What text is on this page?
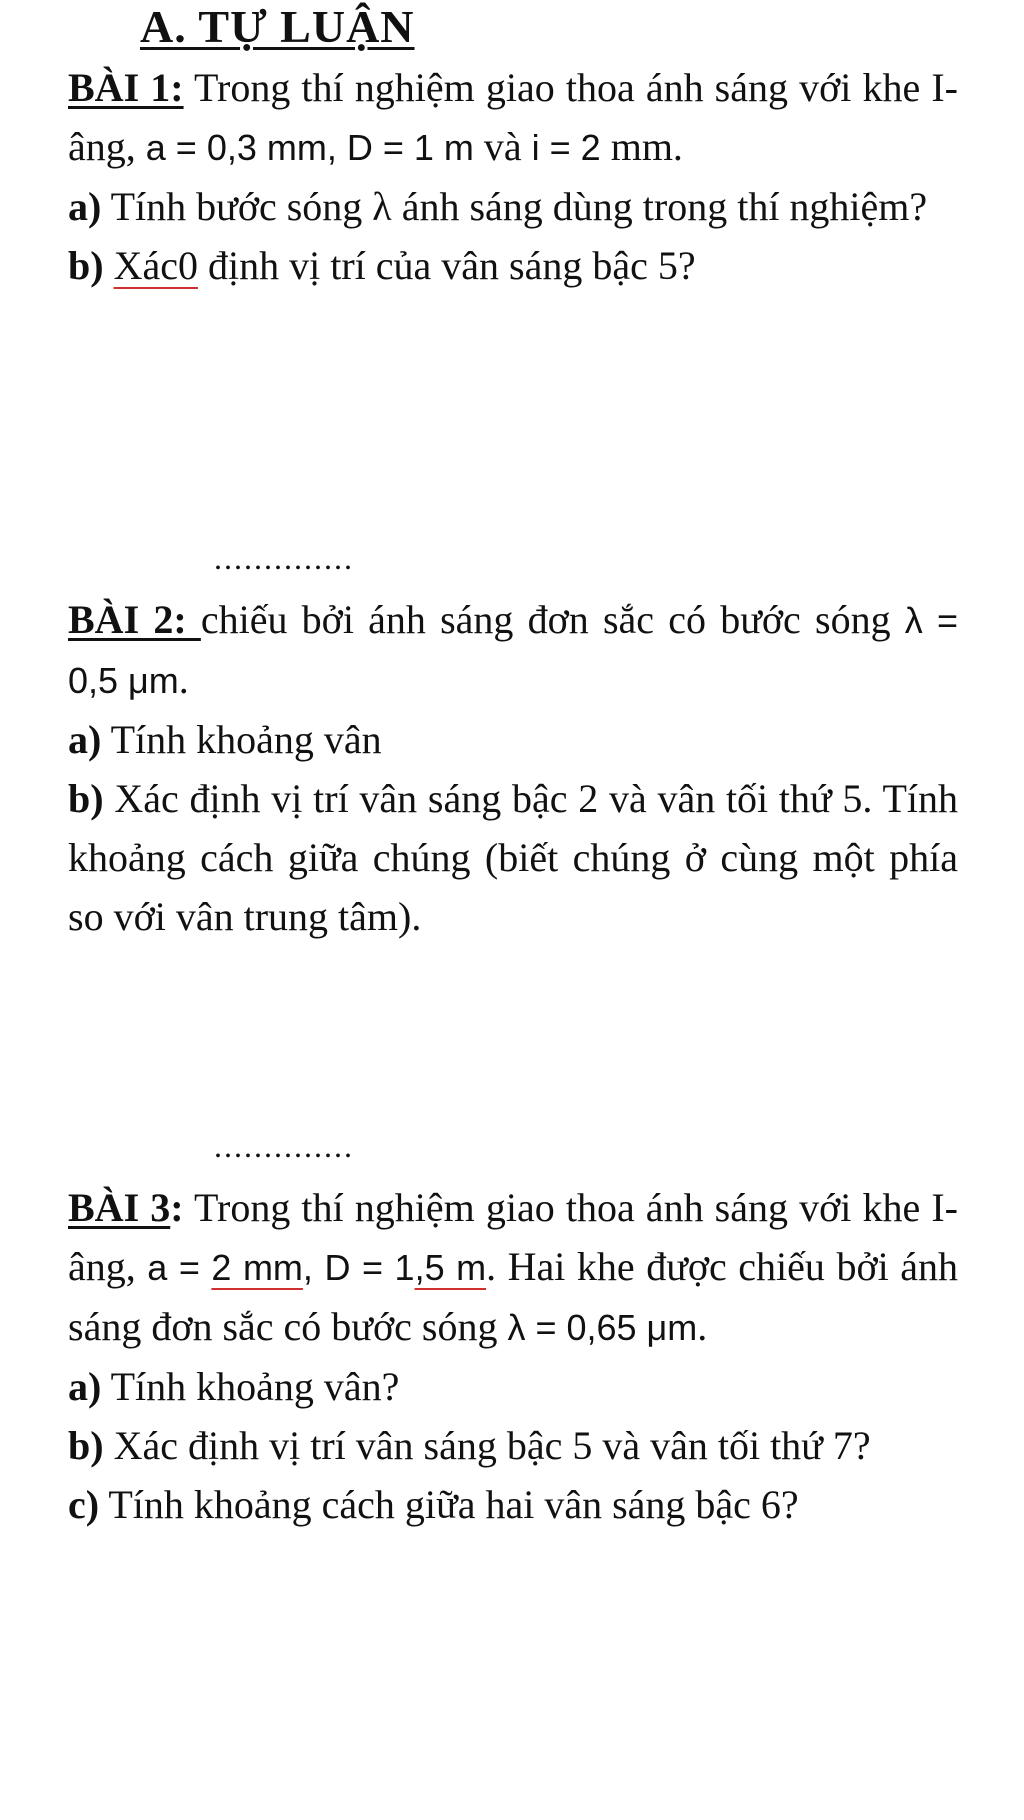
A. TỰ LUẬN

BÀI 1: Trong thí nghiệm giao thoa ánh sáng với khe I-âng, a = 0,3 mm, D = 1 m và i = 2 mm.

a) Tính bước sóng λ ánh sáng dùng trong thí nghiệm?

b) Xác0 định vị trí của vân sáng bậc 5?

..............

BÀI 2: chiếu bởi ánh sáng đơn sắc có bước sóng λ = 0,5 μm.

a) Tính khoảng vân

b) Xác định vị trí vân sáng bậc 2 và vân tối thứ 5. Tính khoảng cách giữa chúng (biết chúng ở cùng một phía so với vân trung tâm).

..............

BÀI 3: Trong thí nghiệm giao thoa ánh sáng với khe I-âng, a = 2 mm, D = 1,5 m. Hai khe được chiếu bởi ánh sáng đơn sắc có bước sóng λ = 0,65 μm.

a) Tính khoảng vân?

b) Xác định vị trí vân sáng bậc 5 và vân tối thứ 7?

c) Tính khoảng cách giữa hai vân sáng bậc 6?
